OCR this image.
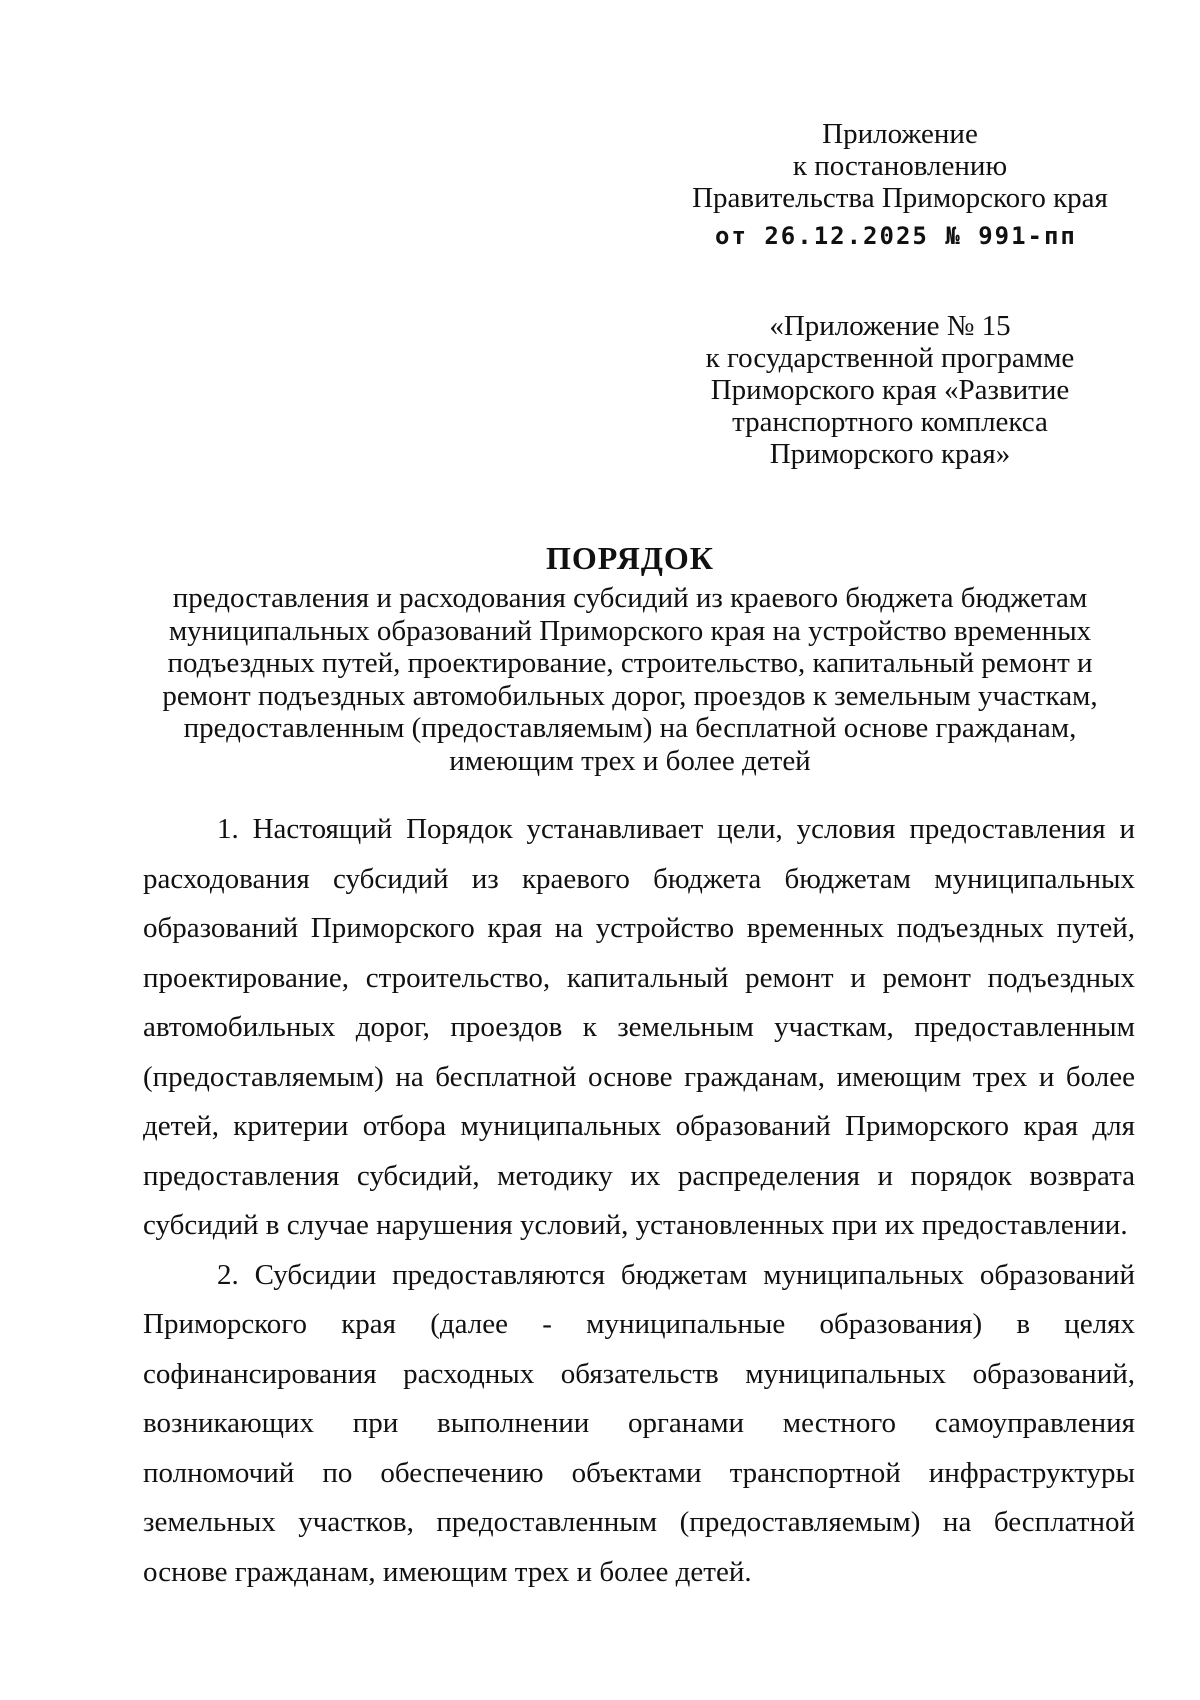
Приложение
к постановлению
Правительства Приморского края
от 26.12.2025 № 991-пп
«Приложение № 15
к государственной программе
Приморского края «Развитие
транспортного комплекса
Приморского края»
ПОРЯДОК
предоставления и расходования субсидий из краевого бюджета бюджетам
муниципальных образований Приморского края на устройство временных
подъездных путей, проектирование, строительство, капитальный ремонт и
ремонт подъездных автомобильных дорог, проездов к земельным участкам,
предоставленным (предоставляемым) на бесплатной основе гражданам,
имеющим трех и более детей

1. Настоящий Порядок устанавливает цели, условия предоставления и расходования субсидий из краевого бюджета бюджетам муниципальных образований Приморского края на устройство временных подъездных путей, проектирование, строительство, капитальный ремонт и ремонт подъездных автомобильных дорог, проездов к земельным участкам, предоставленным (предоставляемым) на бесплатной основе гражданам, имеющим трех и более детей, критерии отбора муниципальных образований Приморского края для предоставления субсидий, методику их распределения и порядок возврата субсидий в случае нарушения условий, установленных при их предоставлении.

2. Субсидии предоставляются бюджетам муниципальных образований Приморского края (далее - муниципальные образования) в целях софинансирования расходных обязательств муниципальных образований, возникающих при выполнении органами местного самоуправления полномочий по обеспечению объектами транспортной инфраструктуры земельных участков, предоставленным (предоставляемым) на бесплатной основе гражданам, имеющим трех и более детей.
